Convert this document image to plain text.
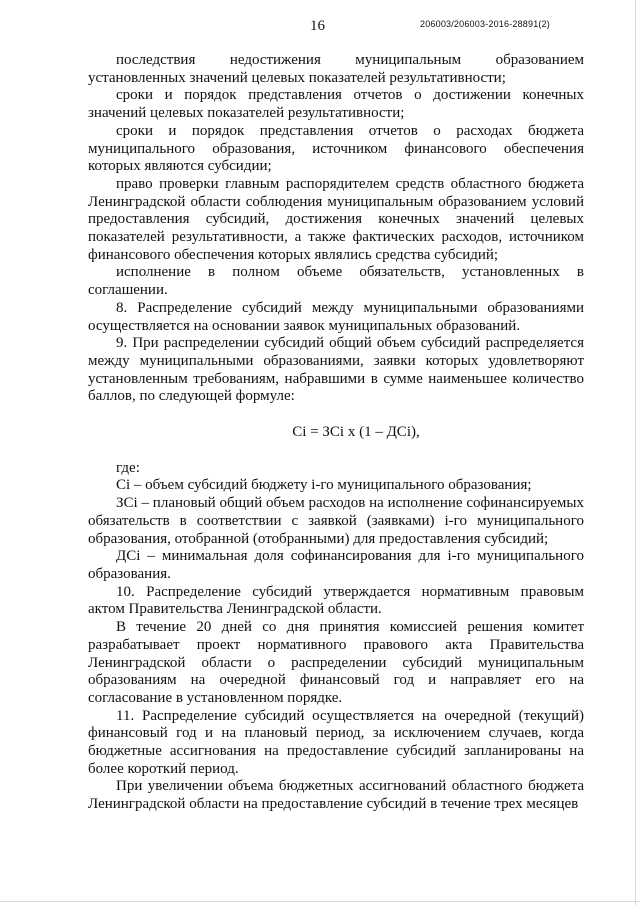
16	206003/206003-2016-28891(2)

последствия недостижения муниципальным образованием установленных значений целевых показателей результативности;

сроки и порядок представления отчетов о достижении конечных значений целевых показателей результативности;

сроки и порядок представления отчетов о расходах бюджета муниципального образования, источником финансового обеспечения которых являются субсидии;

право проверки главным распорядителем средств областного бюджета Ленинградской области соблюдения муниципальным образованием условий предоставления субсидий, достижения конечных значений целевых показателей результативности, а также фактических расходов, источником финансового обеспечения которых являлись средства субсидий;

исполнение в полном объеме обязательств, установленных в соглашении.

8. Распределение субсидий между муниципальными образованиями осуществляется на основании заявок муниципальных образований.

9. При распределении субсидий общий объем субсидий распределяется между муниципальными образованиями, заявки которых удовлетворяют установленным требованиям, набравшими в сумме наименьшее количество баллов, по следующей формуле:

Ci = ЗCi x (1 – ДCi),

где:

Ci – объем субсидий бюджету i-го муниципального образования;

ЗCi – плановый общий объем расходов на исполнение софинансируемых обязательств в соответствии с заявкой (заявками) i-го муниципального образования, отобранной (отобранными) для предоставления субсидий;

ДCi – минимальная доля софинансирования для i-го муниципального образования.

10. Распределение субсидий утверждается нормативным правовым актом Правительства Ленинградской области.

В течение 20 дней со дня принятия комиссией решения комитет разрабатывает проект нормативного правового акта Правительства Ленинградской области о распределении субсидий муниципальным образованиям на очередной финансовый год и направляет его на согласование в установленном порядке.

11. Распределение субсидий осуществляется на очередной (текущий) финансовый год и на плановый период, за исключением случаев, когда бюджетные ассигнования на предоставление субсидий запланированы на более короткий период.

При увеличении объема бюджетных ассигнований областного бюджета Ленинградской области на предоставление субсидий в течение трех месяцев
